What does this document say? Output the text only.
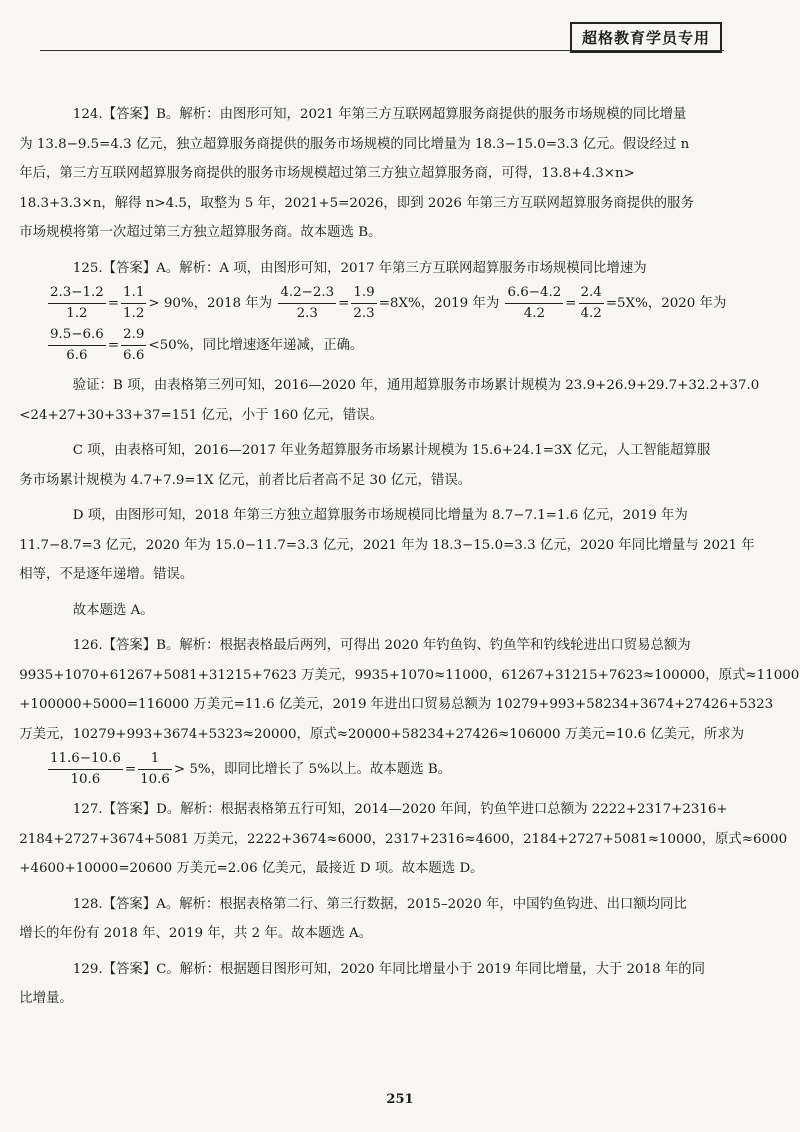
超格教育学员专用

124.【答案】B。解析：由图形可知，2021 年第三方互联网超算服务商提供的服务市场规模的同比增量
为 13.8−9.5=4.3 亿元，独立超算服务商提供的服务市场规模的同比增量为 18.3−15.0=3.3 亿元。假设经过 n
年后，第三方互联网超算服务商提供的服务市场规模超过第三方独立超算服务商，可得，13.8+4.3×n>
18.3+3.3×n，解得 n>4.5，取整为 5 年，2021+5=2026，即到 2026 年第三方互联网超算服务商提供的服务
市场规模将第一次超过第三方独立超算服务商。故本题选 B。

125.【答案】A。解析：A 项，由图形可知，2017 年第三方互联网超算服务市场规模同比增速为

$\frac{2.3-1.2}{1.2} = \frac{1.1}{1.2} > 90\%$，2018 年为 $\frac{4.2-2.3}{2.3} = \frac{1.9}{2.3} =8X\%$，2019 年为 $\frac{6.6-4.2}{4.2} = \frac{2.4}{4.2} =5X\%$，2020 年为
$\frac{9.5-6.6}{6.6} = \frac{2.9}{6.6} <50\%$，同比增速逐年递减，正确。

验证：B 项，由表格第三列可知，2016—2020 年，通用超算服务市场累计规模为 23.9+26.9+29.7+32.2+37.0
<24+27+30+33+37=151 亿元，小于 160 亿元，错误。

C 项，由表格可知，2016—2017 年业务超算服务市场累计规模为 15.6+24.1=3X 亿元，人工智能超算服
务市场累计规模为 4.7+7.9=1X 亿元，前者比后者高不足 30 亿元，错误。

D 项，由图形可知，2018 年第三方独立超算服务市场规模同比增量为 8.7−7.1=1.6 亿元，2019 年为
11.7−8.7=3 亿元，2020 年为 15.0−11.7=3.3 亿元，2021 年为 18.3−15.0=3.3 亿元，2020 年同比增量与 2021 年
相等，不是逐年递增。错误。

故本题选 A。

126.【答案】B。解析：根据表格最后两列，可得出 2020 年钓鱼钩、钓鱼竿和钓线轮进出口贸易总额为
9935+1070+61267+5081+31215+7623 万美元，9935+1070≈11000，61267+31215+7623≈100000，原式≈11000
+100000+5000=116000 万美元=11.6 亿美元，2019 年进出口贸易总额为 10279+993+58234+3674+27426+5323
万美元，10279+993+3674+5323≈20000，原式≈20000+58234+27426≈106000 万美元=10.6 亿美元，所求为

$\frac{11.6-10.6}{10.6} = \frac{1}{10.6} > 5\%$，即同比增长了 5%以上。故本题选 B。

127.【答案】D。解析：根据表格第五行可知，2014—2020 年间，钓鱼竿进口总额为 2222+2317+2316+
2184+2727+3674+5081 万美元，2222+3674≈6000，2317+2316≈4600，2184+2727+5081≈10000，原式≈6000
+4600+10000=20600 万美元=2.06 亿美元，最接近 D 项。故本题选 D。

128.【答案】A。解析：根据表格第二行、第三行数据，2015–2020 年，中国钓鱼钩进、出口额均同比
增长的年份有 2018 年、2019 年，共 2 年。故本题选 A。

129.【答案】C。解析：根据题目图形可知，2020 年同比增量小于 2019 年同比增量，大于 2018 年的同
比增量。

251
